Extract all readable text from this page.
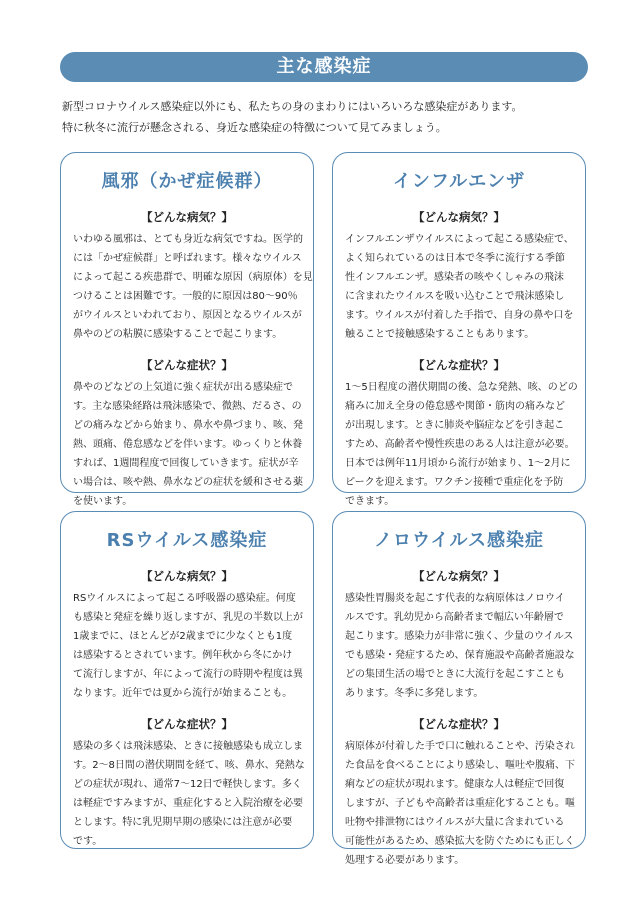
主な感染症

新型コロナウイルス感染症以外にも、私たちの身のまわりにはいろいろな感染症があります。

特に秋冬に流行が懸念される、身近な感染症の特徴について見てみましょう。

風邪（かぜ症候群）
【どんな病気？】
いわゆる風邪は、とても身近な病気ですね。医学的
には「かぜ症候群」と呼ばれます。様々なウイルス
によって起こる疾患群で、明確な原因（病原体）を見
つけることは困難です。一般的に原因は80〜90％
がウイルスといわれており、原因となるウイルスが
鼻やのどの粘膜に感染することで起こります。
【どんな症状？】
鼻やのどなどの上気道に強く症状が出る感染症で
す。主な感染経路は飛沫感染で、微熱、だるさ、の
どの痛みなどから始まり、鼻水や鼻づまり、咳、発
熱、頭痛、倦怠感などを伴います。ゆっくりと休養
すれば、1週間程度で回復していきます。症状が辛
い場合は、咳や熱、鼻水などの症状を緩和させる薬
を使います。
インフルエンザ
【どんな病気？】
インフルエンザウイルスによって起こる感染症で、
よく知られているのは日本で冬季に流行する季節
性インフルエンザ。感染者の咳やくしゃみの飛沫
に含まれたウイルスを吸い込むことで飛沫感染し
ます。ウイルスが付着した手指で、自身の鼻や口を
触ることで接触感染することもあります。
【どんな症状？】
1〜5日程度の潜伏期間の後、急な発熱、咳、のどの
痛みに加え全身の倦怠感や関節・筋肉の痛みなど
が出現します。ときに肺炎や脳症などを引き起こ
すため、高齢者や慢性疾患のある人は注意が必要。
日本では例年11月頃から流行が始まり、1〜2月に
ピークを迎えます。ワクチン接種で重症化を予防
できます。
RSウイルス感染症
【どんな病気？】
RSウイルスによって起こる呼吸器の感染症。何度
も感染と発症を繰り返しますが、乳児の半数以上が
1歳までに、ほとんどが2歳までに少なくとも1度
は感染するとされています。例年秋から冬にかけ
て流行しますが、年によって流行の時期や程度は異
なります。近年では夏から流行が始まることも。
【どんな症状？】
感染の多くは飛沫感染、ときに接触感染も成立しま
す。2〜8日間の潜伏期間を経て、咳、鼻水、発熱な
どの症状が現れ、通常7〜12日で軽快します。多く
は軽症ですみますが、重症化すると入院治療を必要
とします。特に乳児期早期の感染には注意が必要
です。
ノロウイルス感染症
【どんな病気？】
感染性胃腸炎を起こす代表的な病原体はノロウイ
ルスです。乳幼児から高齢者まで幅広い年齢層で
起こります。感染力が非常に強く、少量のウイルス
でも感染・発症するため、保育施設や高齢者施設な
どの集団生活の場でときに大流行を起こすことも
あります。冬季に多発します。
【どんな症状？】
病原体が付着した手で口に触れることや、汚染され
た食品を食べることにより感染し、嘔吐や腹痛、下
痢などの症状が現れます。健康な人は軽症で回復
しますが、子どもや高齢者は重症化することも。嘔
吐物や排泄物にはウイルスが大量に含まれている
可能性があるため、感染拡大を防ぐためにも正しく
処理する必要があります。
